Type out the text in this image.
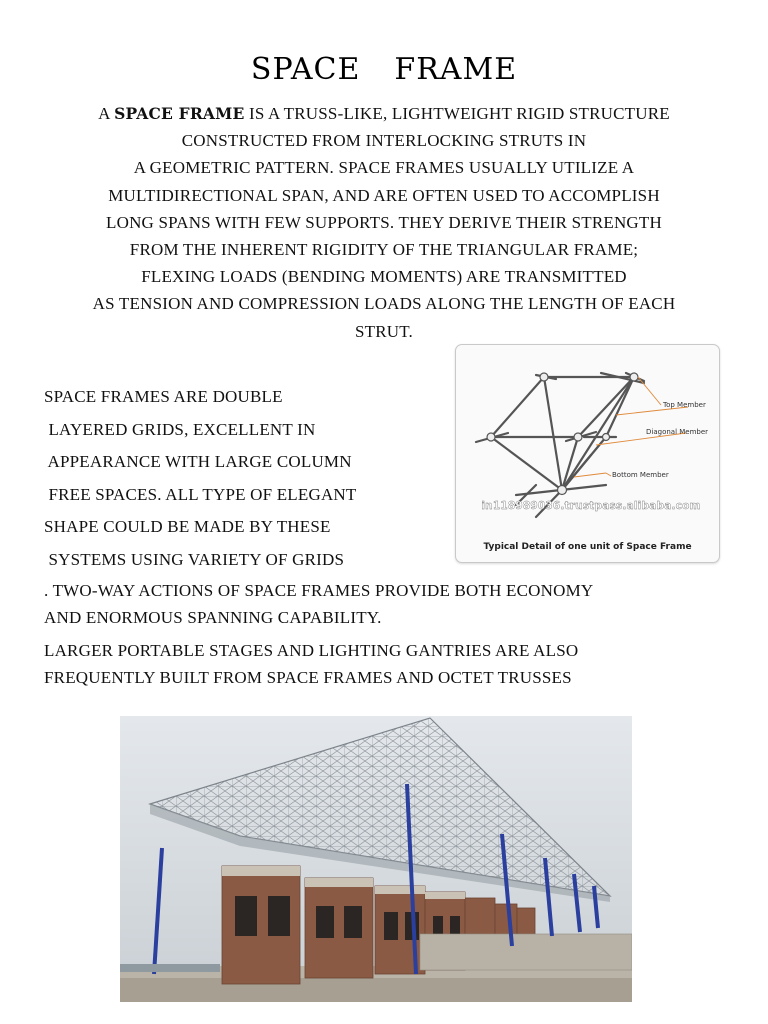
SPACE FRAME
A SPACE FRAME IS A TRUSS-LIKE, LIGHTWEIGHT RIGID STRUCTURE
CONSTRUCTED FROM INTERLOCKING STRUTS IN
A GEOMETRIC PATTERN. SPACE FRAMES USUALLY UTILIZE A
MULTIDIRECTIONAL SPAN, AND ARE OFTEN USED TO ACCOMPLISH
LONG SPANS WITH FEW SUPPORTS. THEY DERIVE THEIR STRENGTH
FROM THE INHERENT RIGIDITY OF THE TRIANGULAR FRAME;
FLEXING LOADS (BENDING MOMENTS) ARE TRANSMITTED
AS TENSION AND COMPRESSION LOADS ALONG THE LENGTH OF EACH
STRUT.
SPACE FRAMES ARE DOUBLE
LAYERED GRIDS, EXCELLENT IN
APPEARANCE WITH LARGE COLUMN
FREE SPACES. ALL TYPE OF ELEGANT
SHAPE COULD BE MADE BY THESE
SYSTEMS USING VARIETY OF GRIDS
Top Member
Diagonal Member
Bottom Member
in118989036.trustpass.alibaba.com
Typical Detail of one unit of Space Frame
. TWO-WAY ACTIONS OF SPACE FRAMES PROVIDE BOTH ECONOMY
AND ENORMOUS SPANNING CAPABILITY.
LARGER PORTABLE STAGES AND LIGHTING GANTRIES ARE ALSO
FREQUENTLY BUILT FROM SPACE FRAMES AND OCTET TRUSSES
